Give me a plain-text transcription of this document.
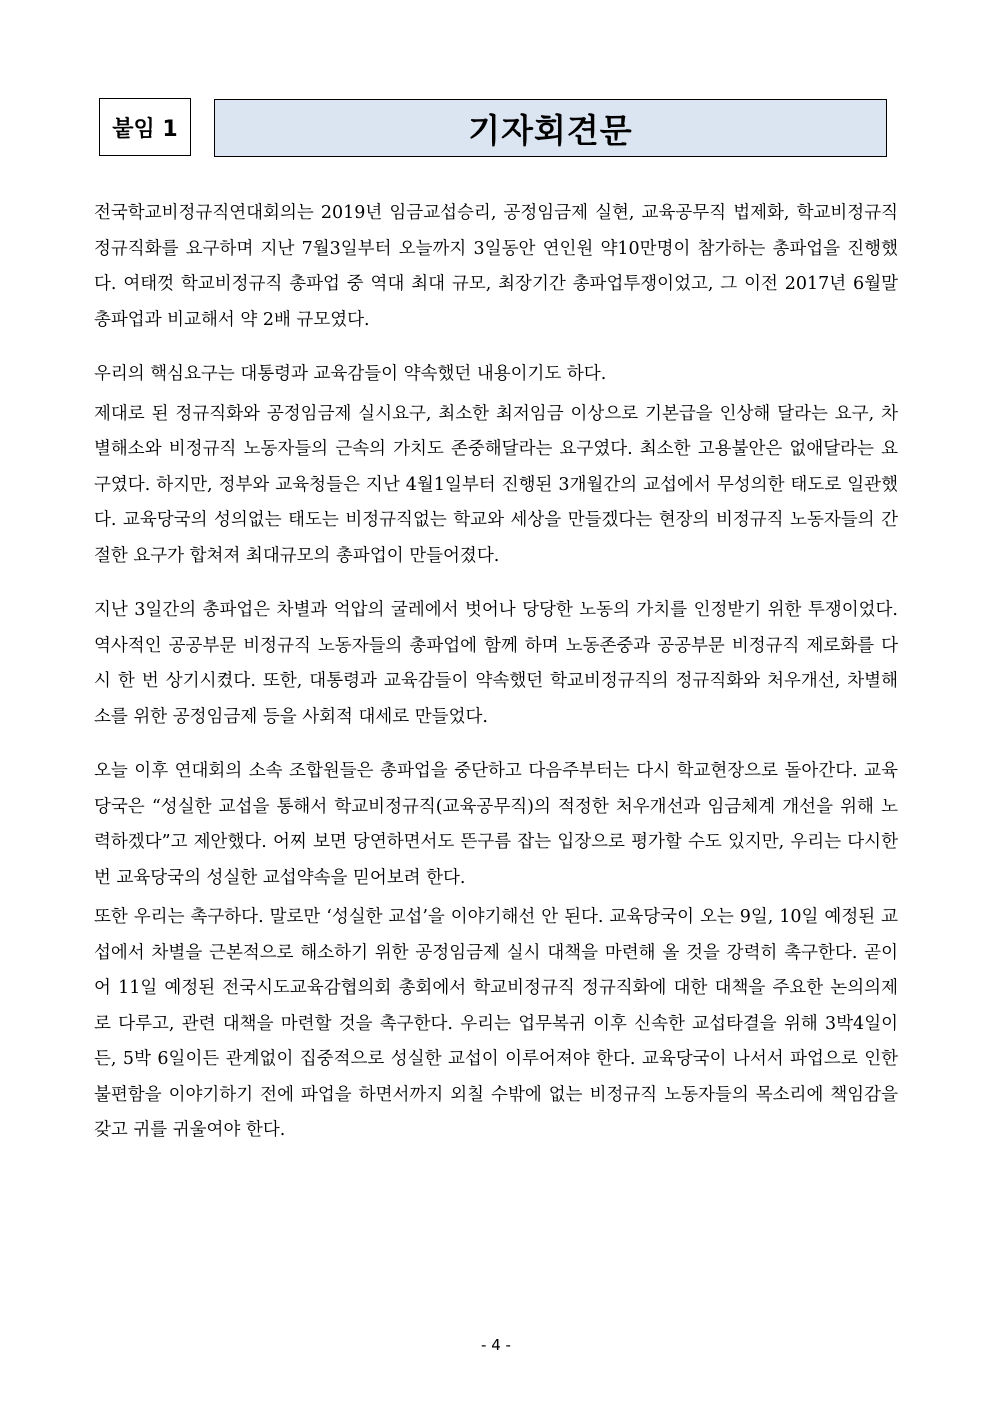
붙임 1	기자회견문

전국학교비정규직연대회의는 2019년 임금교섭승리, 공정임금제 실현, 교육공무직 법제화, 학교비정규직 정규직화를 요구하며 지난 7월3일부터 오늘까지 3일동안 연인원 약10만명이 참가하는 총파업을 진행했다. 여태껏 학교비정규직 총파업 중 역대 최대 규모, 최장기간 총파업투쟁이었고, 그 이전 2017년 6월말 총파업과 비교해서 약 2배 규모였다.

우리의 핵심요구는 대통령과 교육감들이 약속했던 내용이기도 하다.

제대로 된 정규직화와 공정임금제 실시요구, 최소한 최저임금 이상으로 기본급을 인상해 달라는 요구, 차별해소와 비정규직 노동자들의 근속의 가치도 존중해달라는 요구였다. 최소한 고용불안은 없애달라는 요구였다. 하지만, 정부와 교육청들은 지난 4월1일부터 진행된 3개월간의 교섭에서 무성의한 태도로 일관했다. 교육당국의 성의없는 태도는 비정규직없는 학교와 세상을 만들겠다는 현장의 비정규직 노동자들의 간절한 요구가 합쳐져 최대규모의 총파업이 만들어졌다.

지난 3일간의 총파업은 차별과 억압의 굴레에서 벗어나 당당한 노동의 가치를 인정받기 위한 투쟁이었다. 역사적인 공공부문 비정규직 노동자들의 총파업에 함께 하며 노동존중과 공공부문 비정규직 제로화를 다시 한 번 상기시켰다. 또한, 대통령과 교육감들이 약속했던 학교비정규직의 정규직화와 처우개선, 차별해소를 위한 공정임금제 등을 사회적 대세로 만들었다.

오늘 이후 연대회의 소속 조합원들은 총파업을 중단하고 다음주부터는 다시 학교현장으로 돌아간다. 교육당국은 “성실한 교섭을 통해서 학교비정규직(교육공무직)의 적정한 처우개선과 임금체계 개선을 위해 노력하겠다”고 제안했다. 어찌 보면 당연하면서도 뜬구름 잡는 입장으로 평가할 수도 있지만, 우리는 다시한번 교육당국의 성실한 교섭약속을 믿어보려 한다.

또한 우리는 촉구하다. 말로만 ‘성실한 교섭’을 이야기해선 안 된다. 교육당국이 오는 9일, 10일 예정된 교섭에서 차별을 근본적으로 해소하기 위한 공정임금제 실시 대책을 마련해 올 것을 강력히 촉구한다. 곧이어 11일 예정된 전국시도교육감협의회 총회에서 학교비정규직 정규직화에 대한 대책을 주요한 논의의제로 다루고, 관련 대책을 마련할 것을 촉구한다. 우리는 업무복귀 이후 신속한 교섭타결을 위해 3박4일이든, 5박 6일이든 관계없이 집중적으로 성실한 교섭이 이루어져야 한다. 교육당국이 나서서 파업으로 인한 불편함을 이야기하기 전에 파업을 하면서까지 외칠 수밖에 없는 비정규직 노동자들의 목소리에 책임감을 갖고 귀를 귀울여야 한다.

- 4 -
